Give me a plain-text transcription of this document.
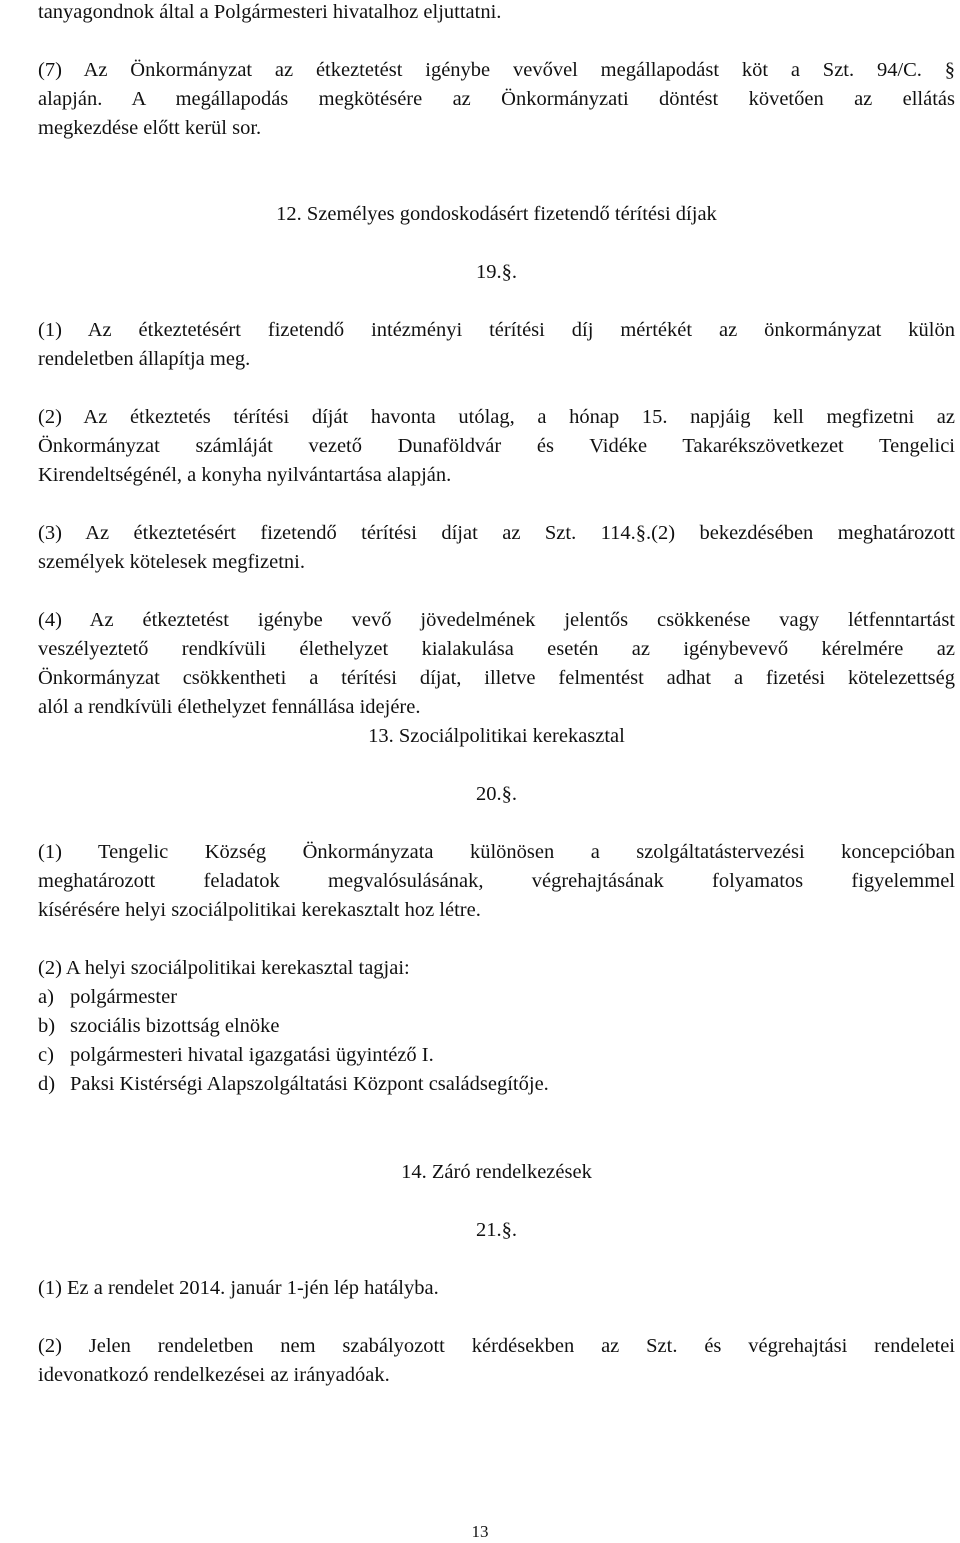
tanyagondnok által a Polgármesteri hivatalhoz eljuttatni.
(7) Az Önkormányzat az étkeztetést igénybe vevővel megállapodást köt a Szt. 94/C. §
alapján. A megállapodás megkötésére az Önkormányzati döntést követően az ellátás
megkezdése előtt kerül sor.
12. Személyes gondoskodásért fizetendő térítési díjak
19.§.
(1) Az étkeztetésért fizetendő intézményi térítési díj mértékét az önkormányzat külön
rendeletben állapítja meg.
(2) Az étkeztetés térítési díját havonta utólag, a hónap 15. napjáig kell megfizetni az
Önkormányzat számláját vezető Dunaföldvár és Vidéke Takarékszövetkezet Tengelici
Kirendeltségénél, a konyha nyilvántartása alapján.
(3) Az étkeztetésért fizetendő térítési díjat az Szt. 114.§.(2) bekezdésében meghatározott
személyek kötelesek megfizetni.
(4) Az étkeztetést igénybe vevő jövedelmének jelentős csökkenése vagy létfenntartást
veszélyeztető rendkívüli élethelyzet kialakulása esetén az igénybevevő kérelmére az
Önkormányzat csökkentheti a térítési díjat, illetve felmentést adhat a fizetési kötelezettség
alól a rendkívüli élethelyzet fennállása idejére.
13. Szociálpolitikai kerekasztal
20.§.
(1) Tengelic Község Önkormányzata különösen a szolgáltatástervezési koncepcióban
meghatározott feladatok megvalósulásának, végrehajtásának folyamatos figyelemmel
kísérésére helyi szociálpolitikai kerekasztalt hoz létre.
(2) A helyi szociálpolitikai kerekasztal tagjai:
a) polgármester
b) szociális bizottság elnöke
c) polgármesteri hivatal igazgatási ügyintéző I.
d) Paksi Kistérségi Alapszolgáltatási Központ családsegítője.
14. Záró rendelkezések
21.§.
(1) Ez a rendelet 2014. január 1-jén lép hatályba.
(2) Jelen rendeletben nem szabályozott kérdésekben az Szt. és végrehajtási rendeletei
idevonatkozó rendelkezései az irányadóak.
13
